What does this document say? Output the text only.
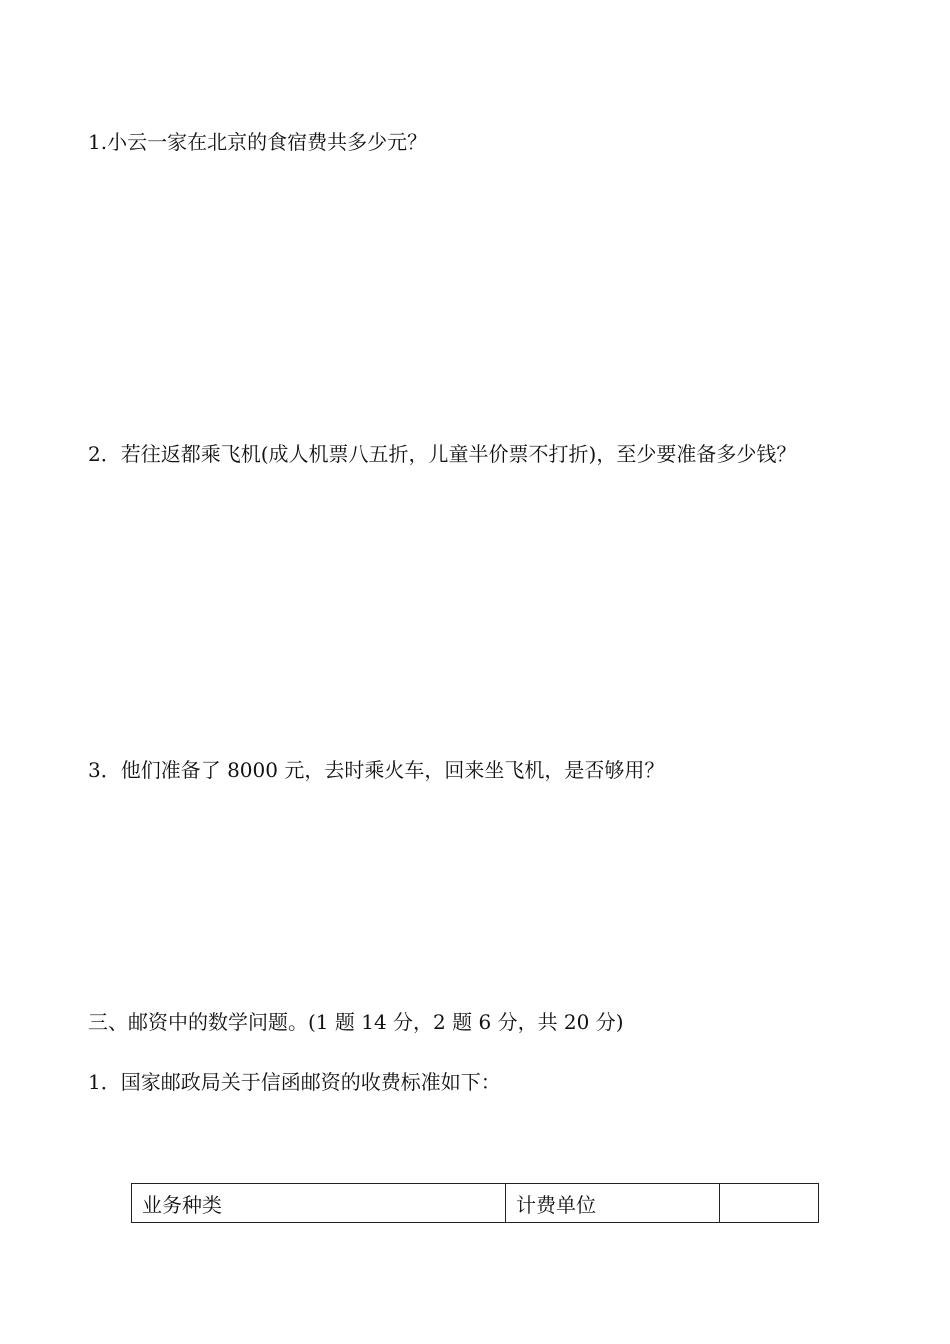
1.小云一家在北京的食宿费共多少元？
2．若往返都乘飞机(成人机票八五折，儿童半价票不打折)，至少要准备多少钱？
3．他们准备了 8000 元，去时乘火车，回来坐飞机，是否够用？
三、邮资中的数学问题。(1 题 14 分，2 题 6 分，共 20 分)
1．国家邮政局关于信函邮资的收费标准如下：
业务种类	计费单位	
